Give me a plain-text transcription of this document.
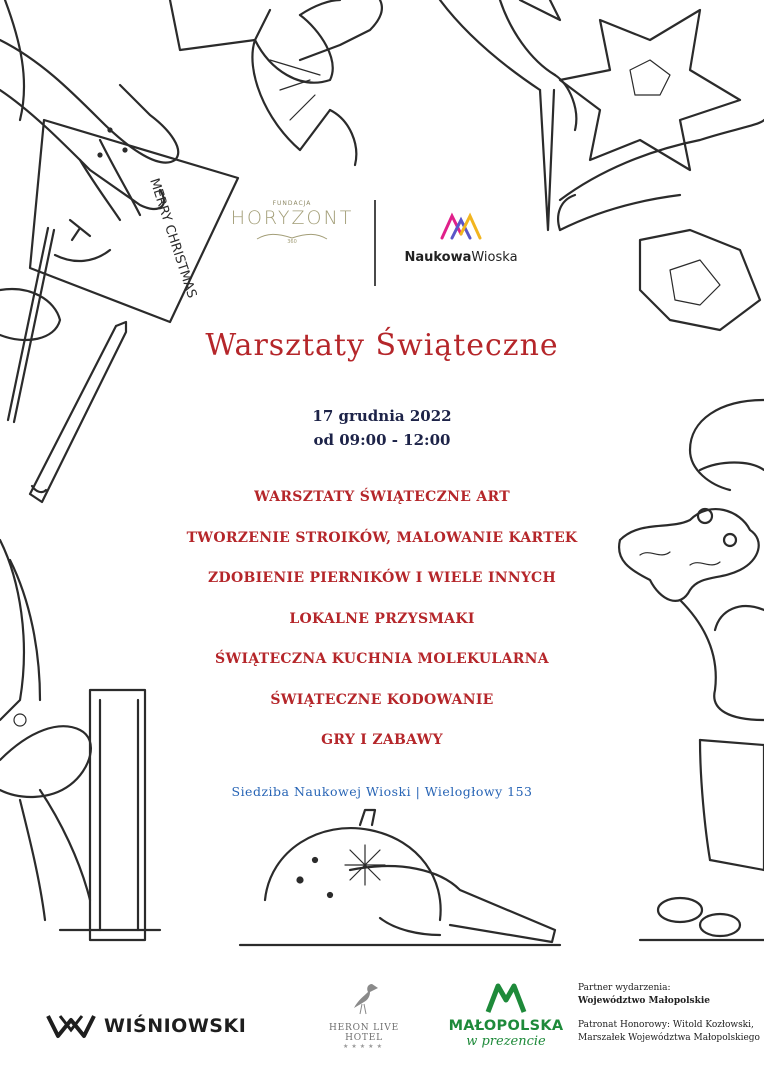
MERRY CHRISTMAS	FUNDACJA
HORYZONT
360
NaukowaWioska
Warsztaty Świąteczne
17 grudnia 2022
od 09:00 - 12:00
WARSZTATY ŚWIĄTECZNE ART
TWORZENIE STROIKÓW, MALOWANIE KARTEK
ZDOBIENIE PIERNIKÓW I WIELE INNYCH
LOKALNE PRZYSMAKI
ŚWIĄTECZNA KUCHNIA MOLEKULARNA
ŚWIĄTECZNE KODOWANIE
GRY I ZABAWY
Siedziba Naukowej Wioski | Wielogłowy 153
WIŚNIOWSKI	HERON LIVE HOTEL
★★★★★
MAŁOPOLSKA
w prezencie
Partner wydarzenia:
Województwo Małopolskie
Patronat Honorowy: Witold Kozłowski,
Marszałek Województwa Małopolskiego
